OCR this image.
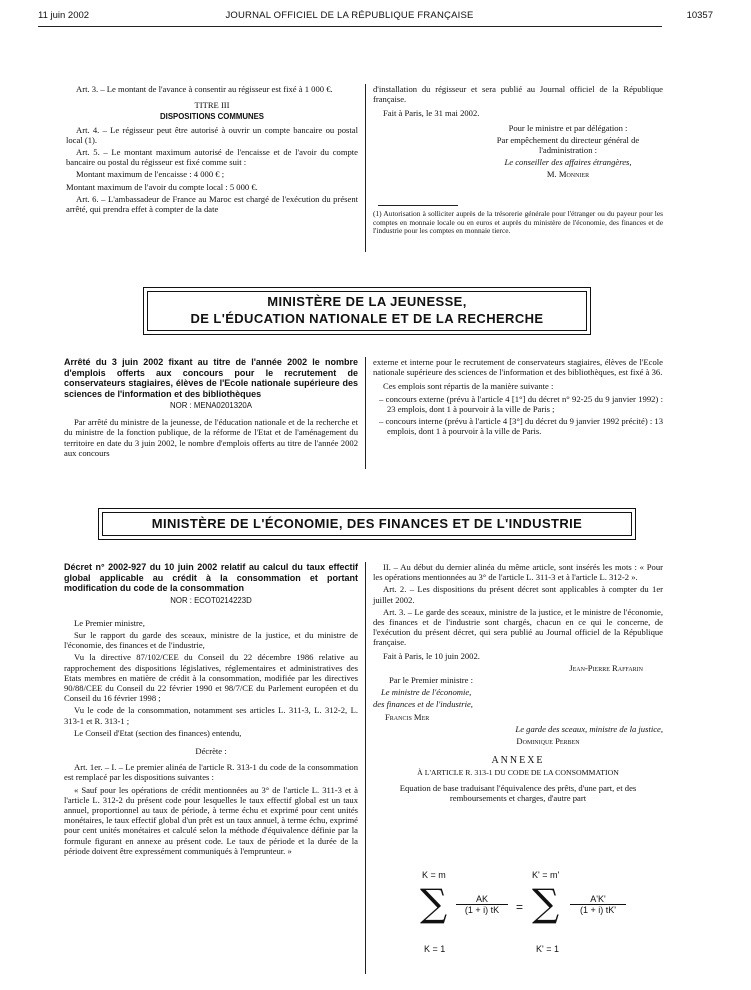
11 juin 2002	JOURNAL OFFICIEL DE LA RÉPUBLIQUE FRANÇAISE	10357

Art. 3. – Le montant de l'avance à consentir au régisseur est fixé à 1 000 €.

TITRE III

DISPOSITIONS COMMUNES

Art. 4. – Le régisseur peut être autorisé à ouvrir un compte bancaire ou postal local (1).

Art. 5. – Le montant maximum autorisé de l'encaisse et de l'avoir du compte bancaire ou postal du régisseur est fixé comme suit :

Montant maximum de l'encaisse : 4 000 € ;

Montant maximum de l'avoir du compte local : 5 000 €.

Art. 6. – L'ambassadeur de France au Maroc est chargé de l'exécution du présent arrêté, qui prendra effet à compter de la date

d'installation du régisseur et sera publié au Journal officiel de la République française.

Fait à Paris, le 31 mai 2002.

Pour le ministre et par délégation :

Par empêchement du directeur général de l'administration :

Le conseiller des affaires étrangères,

M. Monnier

(1) Autorisation à solliciter auprès de la trésorerie générale pour l'étranger ou du payeur pour les comptes en monnaie locale ou en euros et auprès du ministère de l'économie, des finances et de l'industrie pour les comptes en monnaie tierce.

MINISTÈRE DE LA JEUNESSE,
DE L'ÉDUCATION NATIONALE ET DE LA RECHERCHE
Arrêté du 3 juin 2002 fixant au titre de l'année 2002 le nombre d'emplois offerts aux concours pour le recrutement de conservateurs stagiaires, élèves de l'Ecole nationale supérieure des sciences de l'information et des bibliothèques
NOR : MENA0201320A

Par arrêté du ministre de la jeunesse, de l'éducation nationale et de la recherche et du ministre de la fonction publique, de la réforme de l'Etat et de l'aménagement du territoire en date du 3 juin 2002, le nombre d'emplois offerts au titre de l'année 2002 aux concours

externe et interne pour le recrutement de conservateurs stagiaires, élèves de l'Ecole nationale supérieure des sciences de l'information et des bibliothèques, est fixé à 36.

Ces emplois sont répartis de la manière suivante :

– concours externe (prévu à l'article 4 [1°] du décret n° 92-25 du 9 janvier 1992) : 23 emplois, dont 1 à pourvoir à la ville de Paris ;

– concours interne (prévu à l'article 4 [3°] du décret du 9 janvier 1992 précité) : 13 emplois, dont 1 à pourvoir à la ville de Paris.

MINISTÈRE DE L'ÉCONOMIE, DES FINANCES ET DE L'INDUSTRIE
Décret n° 2002-927 du 10 juin 2002 relatif au calcul du taux effectif global applicable au crédit à la consommation et portant modification du code de la consommation
NOR : ECOT0214223D

Le Premier ministre,

Sur le rapport du garde des sceaux, ministre de la justice, et du ministre de l'économie, des finances et de l'industrie,

Vu la directive 87/102/CEE du Conseil du 22 décembre 1986 relative au rapprochement des dispositions législatives, réglementaires et administratives des Etats membres en matière de crédit à la consommation, modifiée par les directives 90/88/CEE du Conseil du 22 février 1990 et 98/7/CE du Parlement européen et du Conseil du 16 février 1998 ;

Vu le code de la consommation, notamment ses articles L. 311-3, L. 312-2, L. 313-1 et R. 313-1 ;

Le Conseil d'Etat (section des finances) entendu,

Décrète :

Art. 1er. – I. – Le premier alinéa de l'article R. 313-1 du code de la consommation est remplacé par les dispositions suivantes :

« Sauf pour les opérations de crédit mentionnées au 3° de l'article L. 311-3 et à l'article L. 312-2 du présent code pour lesquelles le taux effectif global est un taux annuel, proportionnel au taux de période, à terme échu et exprimé pour cent unités monétaires, le taux effectif global d'un prêt est un taux annuel, à terme échu, exprimé pour cent unités monétaires et calculé selon la méthode d'équivalence définie par la formule figurant en annexe au présent code. Le taux de période et la durée de la période doivent être expressément communiqués à l'emprunteur. »

II. – Au début du dernier alinéa du même article, sont insérés les mots : « Pour les opérations mentionnées au 3° de l'article L. 311-3 et à l'article L. 312-2 ».

Art. 2. – Les dispositions du présent décret sont applicables à compter du 1er juillet 2002.

Art. 3. – Le garde des sceaux, ministre de la justice, et le ministre de l'économie, des finances et de l'industrie sont chargés, chacun en ce qui le concerne, de l'exécution du présent décret, qui sera publié au Journal officiel de la République française.

Fait à Paris, le 10 juin 2002.

Jean-Pierre Raffarin

Par le Premier ministre :

Le ministre de l'économie,

des finances et de l'industrie,

Francis Mer

Le garde des sceaux, ministre de la justice,

Dominique Perben

ANNEXE

À L'ARTICLE R. 313-1 DU CODE DE LA CONSOMMATION

Equation de base traduisant l'équivalence des prêts, d'une part, et des remboursements et charges, d'autre part

K = m	K' = m'
∑ $\frac{AK}{(1 + i) tK}$ = ∑ $\frac{A'K'}{(1 + i) tK'}$
K = 1	K' = 1
